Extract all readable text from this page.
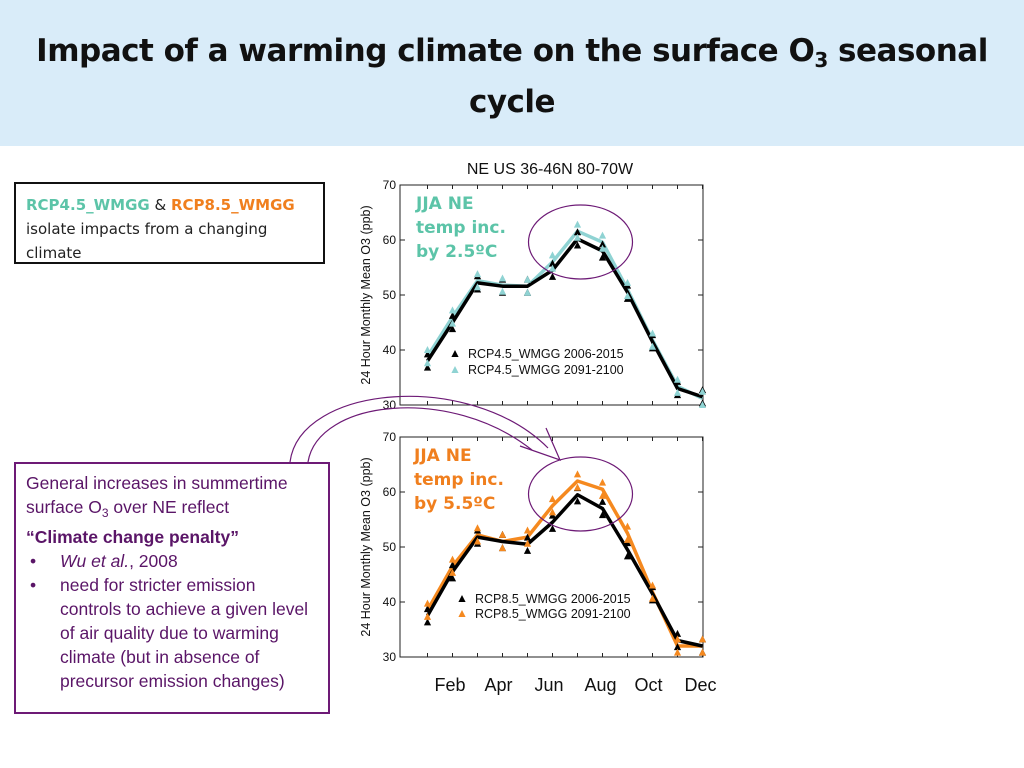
Impact of a warming climate on the surface $O_3$ seasonal cycle
RCP4.5_WMGG & RCP8.5_WMGG
isolate impacts from a changing climate

General increases in summertime surface $O_3$ over NE reflect

“Climate change penalty”

• Wu et al., 2008
• need for stricter emission controls to achieve a given level of air quality due to warming climate (but in absence of precursor emission changes)
NE US 36-46N 80-70W
30
40
50
60
70
24 Hour Monthly Mean O3 (ppb)	RCP4.5_WMGG 2006-2015
RCP4.5_WMGG 2091-2100
30
40
50
60
70
24 Hour Monthly Mean O3 (ppb)	RCP8.5_WMGG 2006-2015
RCP8.5_WMGG 2091-2100
JJA NE
temp inc.
by 2.5ºC
JJA NE
temp inc.
by 5.5ºC
Feb Apr Jun Aug Oct Dec
